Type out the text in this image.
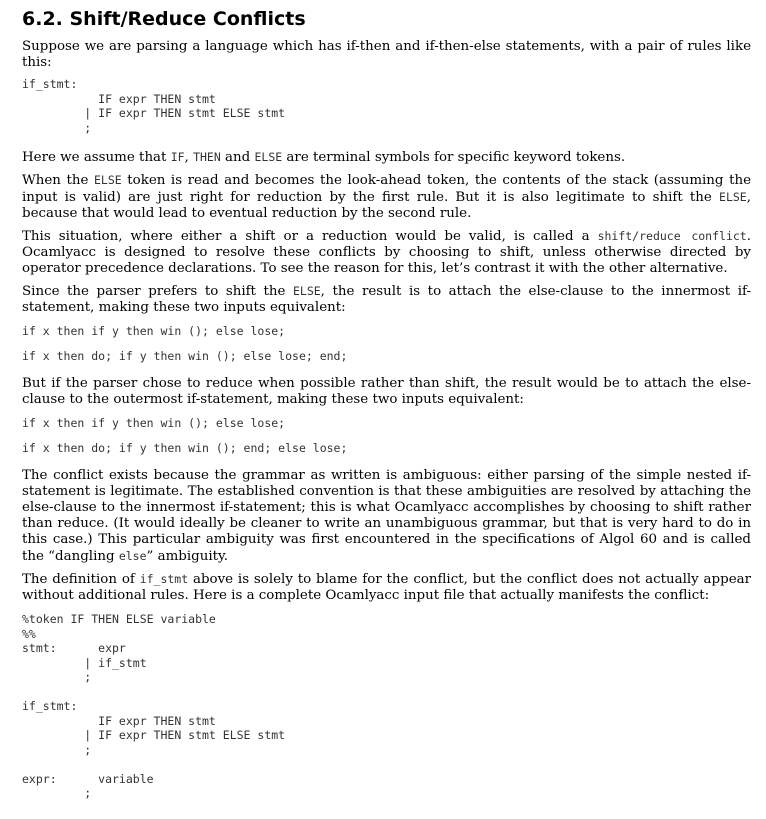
6.2. Shift/Reduce Conflicts

Suppose we are parsing a language which has if-then and if-then-else statements, with a pair of rules like this:

if_stmt:
IF expr THEN stmt
| IF expr THEN stmt ELSE stmt
;

Here we assume that IF, THEN and ELSE are terminal symbols for specific keyword tokens.

When the ELSE token is read and becomes the look-ahead token, the contents of the stack (assuming the input is valid) are just right for reduction by the first rule. But it is also legitimate to shift the ELSE, because that would lead to eventual reduction by the second rule.

This situation, where either a shift or a reduction would be valid, is called a shift/reduce conflict. Ocamlyacc is designed to resolve these conflicts by choosing to shift, unless otherwise directed by operator precedence declarations. To see the reason for this, let’s contrast it with the other alternative.

Since the parser prefers to shift the ELSE, the result is to attach the else-clause to the innermost if-statement, making these two inputs equivalent:

if x then if y then win (); else lose;
if x then do; if y then win (); else lose; end;

But if the parser chose to reduce when possible rather than shift, the result would be to attach the else-clause to the outermost if-statement, making these two inputs equivalent:

if x then if y then win (); else lose;
if x then do; if y then win (); end; else lose;

The conflict exists because the grammar as written is ambiguous: either parsing of the simple nested if-statement is legitimate. The established convention is that these ambiguities are resolved by attaching the else-clause to the innermost if-statement; this is what Ocamlyacc accomplishes by choosing to shift rather than reduce. (It would ideally be cleaner to write an unambiguous grammar, but that is very hard to do in this case.) This particular ambiguity was first encountered in the specifications of Algol 60 and is called the “dangling else” ambiguity.

The definition of if_stmt above is solely to blame for the conflict, but the conflict does not actually appear without additional rules. Here is a complete Ocamlyacc input file that actually manifests the conflict:

%token IF THEN ELSE variable
%%
stmt:      expr
| if_stmt
;

if_stmt:
IF expr THEN stmt
| IF expr THEN stmt ELSE stmt
;

expr:      variable
;
